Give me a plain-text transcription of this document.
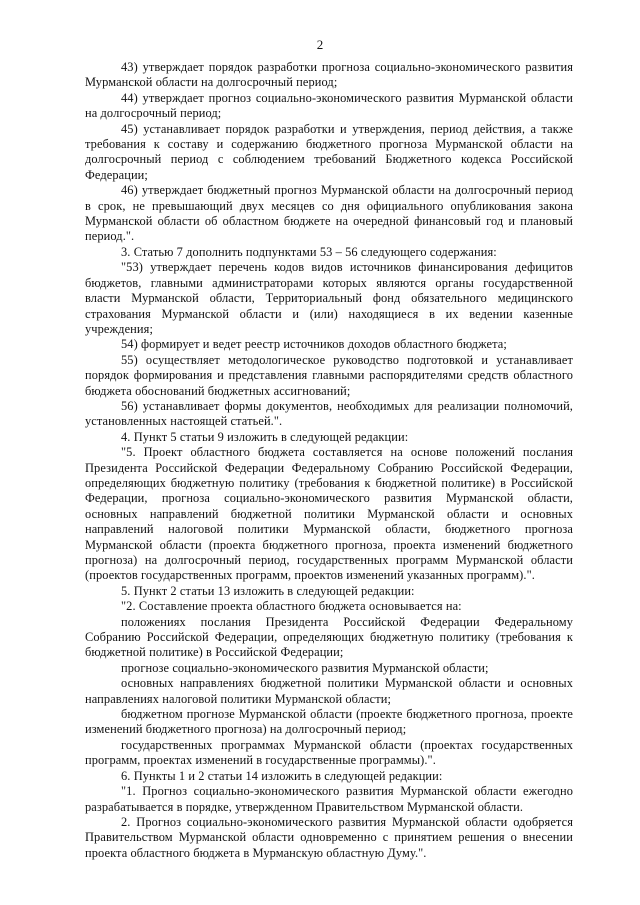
2

43) утверждает порядок разработки прогноза социально-экономического развития Мурманской области на долгосрочный период;

44) утверждает прогноз социально-экономического развития Мурманской области на долгосрочный период;

45) устанавливает порядок разработки и утверждения, период действия, а также требования к составу и содержанию бюджетного прогноза Мурманской области на долгосрочный период с соблюдением требований Бюджетного кодекса Российской Федерации;

46) утверждает бюджетный прогноз Мурманской области на долгосрочный период в срок, не превышающий двух месяцев со дня официального опубликования закона Мурманской области об областном бюджете на очередной финансовый год и плановый период.".

3. Статью 7 дополнить подпунктами 53 – 56 следующего содержания:

"53) утверждает перечень кодов видов источников финансирования дефицитов бюджетов, главными администраторами которых являются органы государственной власти Мурманской области, Территориальный фонд обязательного медицинского страхования Мурманской области и (или) находящиеся в их ведении казенные учреждения;

54) формирует и ведет реестр источников доходов областного бюджета;

55) осуществляет методологическое руководство подготовкой и устанавливает порядок формирования и представления главными распорядителями средств областного бюджета обоснований бюджетных ассигнований;

56) устанавливает формы документов, необходимых для реализации полномочий, установленных настоящей статьей.".

4. Пункт 5 статьи 9 изложить в следующей редакции:

"5. Проект областного бюджета составляется на основе положений послания Президента Российской Федерации Федеральному Собранию Российской Федерации, определяющих бюджетную политику (требования к бюджетной политике) в Российской Федерации, прогноза социально-экономического развития Мурманской области, основных направлений бюджетной политики Мурманской области и основных направлений налоговой политики Мурманской области, бюджетного прогноза Мурманской области (проекта бюджетного прогноза, проекта изменений бюджетного прогноза) на долгосрочный период, государственных программ Мурманской области (проектов государственных программ, проектов изменений указанных программ).".

5. Пункт 2 статьи 13 изложить в следующей редакции:

"2. Составление проекта областного бюджета основывается на:

положениях послания Президента Российской Федерации Федеральному Собранию Российской Федерации, определяющих бюджетную политику (требования к бюджетной политике) в Российской Федерации;

прогнозе социально-экономического развития Мурманской области;

основных направлениях бюджетной политики Мурманской области и основных направлениях налоговой политики Мурманской области;

бюджетном прогнозе Мурманской области (проекте бюджетного прогноза, проекте изменений бюджетного прогноза) на долгосрочный период;

государственных программах Мурманской области (проектах государственных программ, проектах изменений в государственные программы).".

6. Пункты 1 и 2 статьи 14 изложить в следующей редакции:

"1. Прогноз социально-экономического развития Мурманской области ежегодно разрабатывается в порядке, утвержденном Правительством Мурманской области.

2. Прогноз социально-экономического развития Мурманской области одобряется Правительством Мурманской области одновременно с принятием решения о внесении проекта областного бюджета в Мурманскую областную Думу.".
